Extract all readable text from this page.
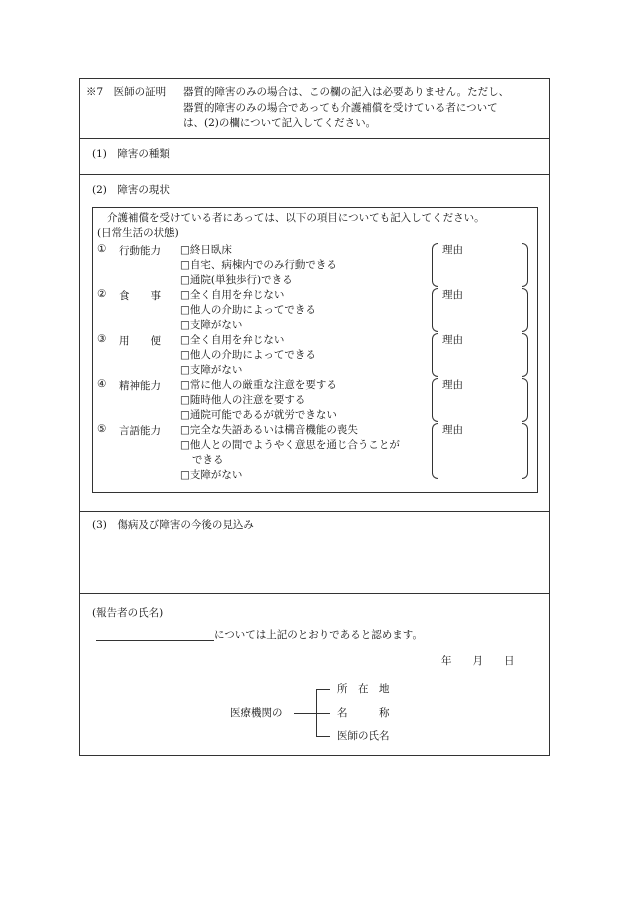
※7　医師の証明 器質的障害のみの場合は、この欄の記入は必要ありません。ただし、
器質的障害のみの場合であっても介護補償を受けている者について
は、(2)の欄について記入してください。
(1)　障害の種類
(2)　障害の現状
介護補償を受けている者にあっては、以下の項目についても記入してください。
(日常生活の状態)
① 行動能力 □終日臥床
□自宅、病棟内でのみ行動できる
□通院(単独歩行)できる
理由
② 食　　事 □全く自用を弁じない
□他人の介助によってできる
□支障がない
理由
③ 用　　便 □全く自用を弁じない
□他人の介助によってできる
□支障がない
理由
④ 精神能力 □常に他人の厳重な注意を要する
□随時他人の注意を要する
□通院可能であるが就労できない
理由
⑤ 言語能力 □完全な失語あるいは構音機能の喪失
□他人との間でようやく意思を通じ合うことが
できる
□支障がない
理由
(3)　傷病及び障害の今後の見込み
(報告者の氏名)
については上記のとおりであると認めます。
年　　月　　日
医療機関の
所　在　地
名　　　称
医師の氏名
